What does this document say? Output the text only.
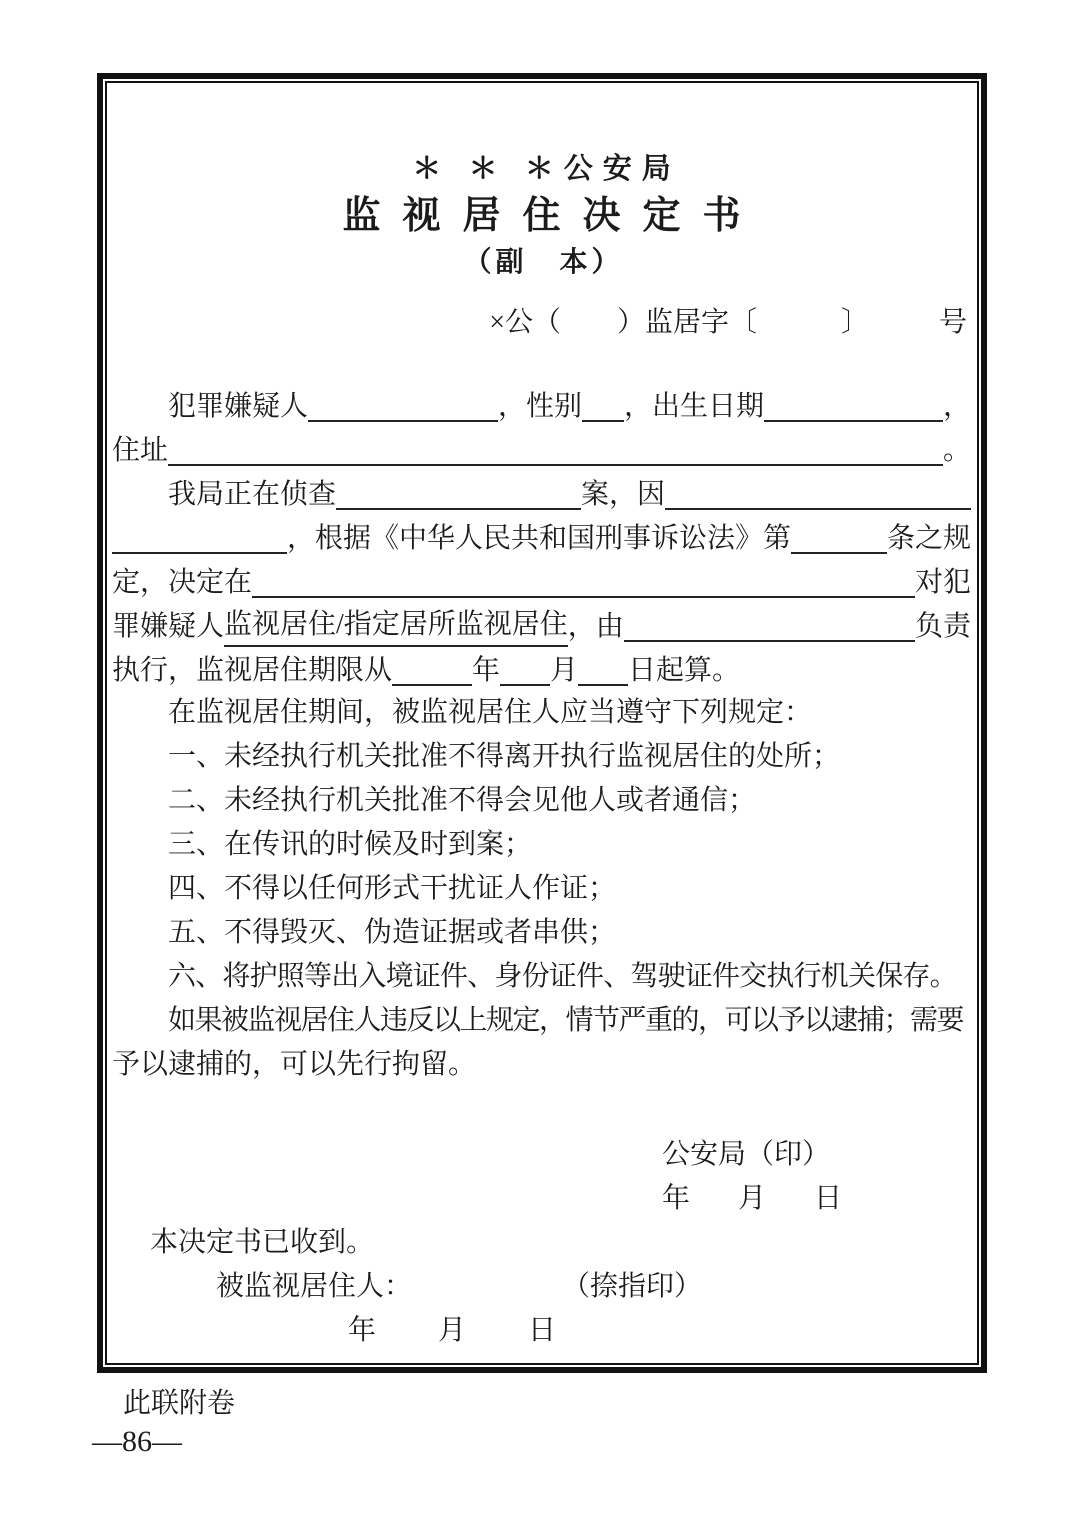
＊ ＊ ＊公安局
监视居住决定书
（副　本）
×公（　　）监居字〔　　　〕　　　号
犯罪嫌疑人	，性别 ，出生日期	，
住址	。
我局正在侦查	案，因
，根据《中华人民共和国刑事诉讼法》第	条之规
定，决定在	对犯
罪嫌疑人 监视居住/指定居所监视居住 ，由	负责
执行，监视居住期限从	年 月 日起算。
在监视居住期间，被监视居住人应当遵守下列规定：
一、未经执行机关批准不得离开执行监视居住的处所；
二、未经执行机关批准不得会见他人或者通信；
三、在传讯的时候及时到案；
四、不得以任何形式干扰证人作证；
五、不得毁灭、伪造证据或者串供；
六、将护照等出入境证件、身份证件、驾驶证件交执行机关保存。
如果被监视居住人违反以上规定，情节严重的，可以予以逮捕；需要
予以逮捕的，可以先行拘留。
公安局（印）
年 月 日
本决定书已收到。
被监视居住人：	（捺指印）
年 月 日
此联附卷
—86—
